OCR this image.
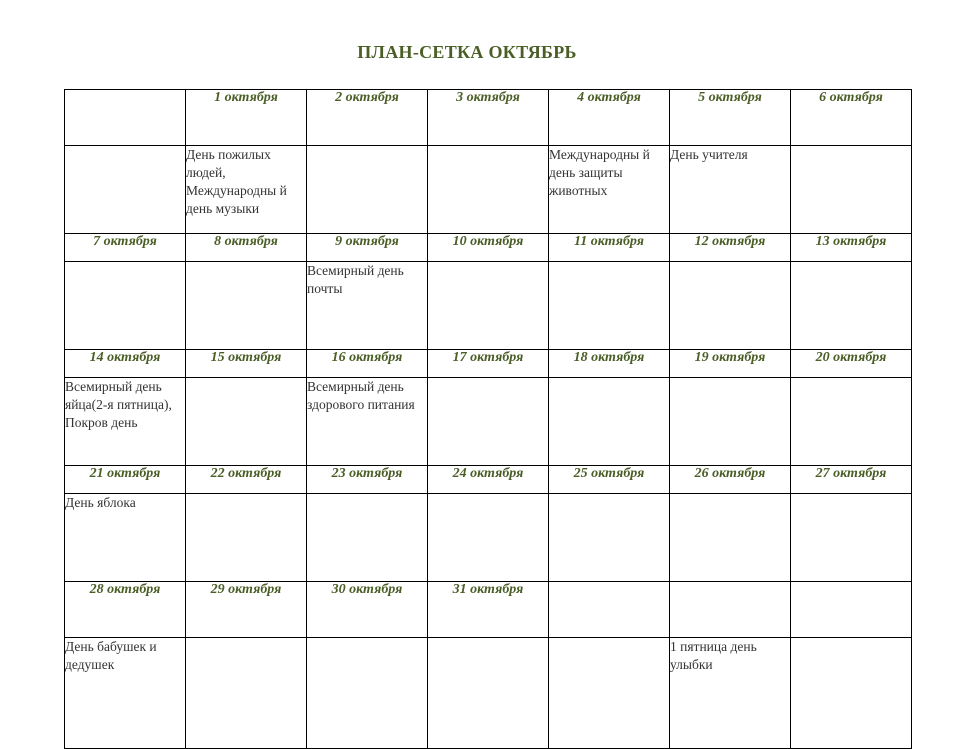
ПЛАН-СЕТКА ОКТЯБРЬ
	1 октября	2 октября	3 октября	4 октября	5 октября	6 октября

	День пожилых людей, Международны й день музыки			Международны й день защиты животных	День учителя	

7 октября	8 октября	9 октября	10 октября	11 октября	12 октября	13 октября

		Всемирный день почты				

14 октября	15 октября	16 октября	17 октября	18 октября	19 октября	20 октября

Всемирный день яйца(2-я пятница), Покров день		Всемирный день здорового питания				

21 октября	22 октября	23 октября	24 октября	25 октября	26 октября	27 октября

День яблока						

28 октября	29 октября	30 октября	31 октября			

День бабушек и дедушек					1 пятница день улыбки	
